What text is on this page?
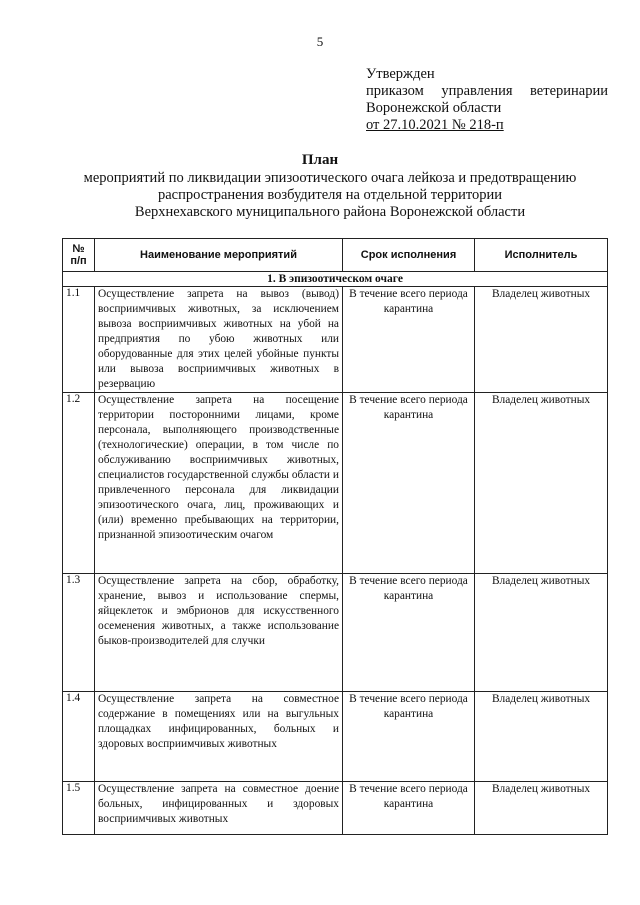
5
Утвержден
приказом управления ветеринарии
Воронежской области
от 27.10.2021 № 218-п
План
мероприятий по ликвидации эпизоотического очага лейкоза и предотвращению
распространения возбудителя на отдельной территории
Верхнехавского муниципального района Воронежской области
№ п/п	Наименование мероприятий	Срок исполнения	Исполнитель
1. В эпизоотическом очаге			
1.1	Осуществление запрета на вывоз (вывод) восприимчивых животных, за исключением вывоза восприимчивых животных на убой на предприятия по убою животных или оборудованные для этих целей убойные пункты или вывоза восприимчивых животных в резервацию	В течение всего периода карантина	Владелец животных
1.2	Осуществление запрета на посещение территории посторонними лицами, кроме персонала, выполняющего производственные (технологические) операции, в том числе по обслуживанию восприимчивых животных, специалистов государственной службы области и привлеченного персонала для ликвидации эпизоотического очага, лиц, проживающих и (или) временно пребывающих на территории, признанной эпизоотическим очагом	В течение всего периода карантина	Владелец животных
1.3	Осуществление запрета на сбор, обработку, хранение, вывоз и использование спермы, яйцеклеток и эмбрионов для искусственного осеменения животных, а также использование быков-производителей для случки	В течение всего периода карантина	Владелец животных
1.4	Осуществление запрета на совместное содержание в помещениях или на выгульных площадках инфицированных, больных и здоровых восприимчивых животных	В течение всего периода карантина	Владелец животных
1.5	Осуществление запрета на совместное доение больных, инфицированных и здоровых восприимчивых животных	В течение всего периода карантина	Владелец животных
